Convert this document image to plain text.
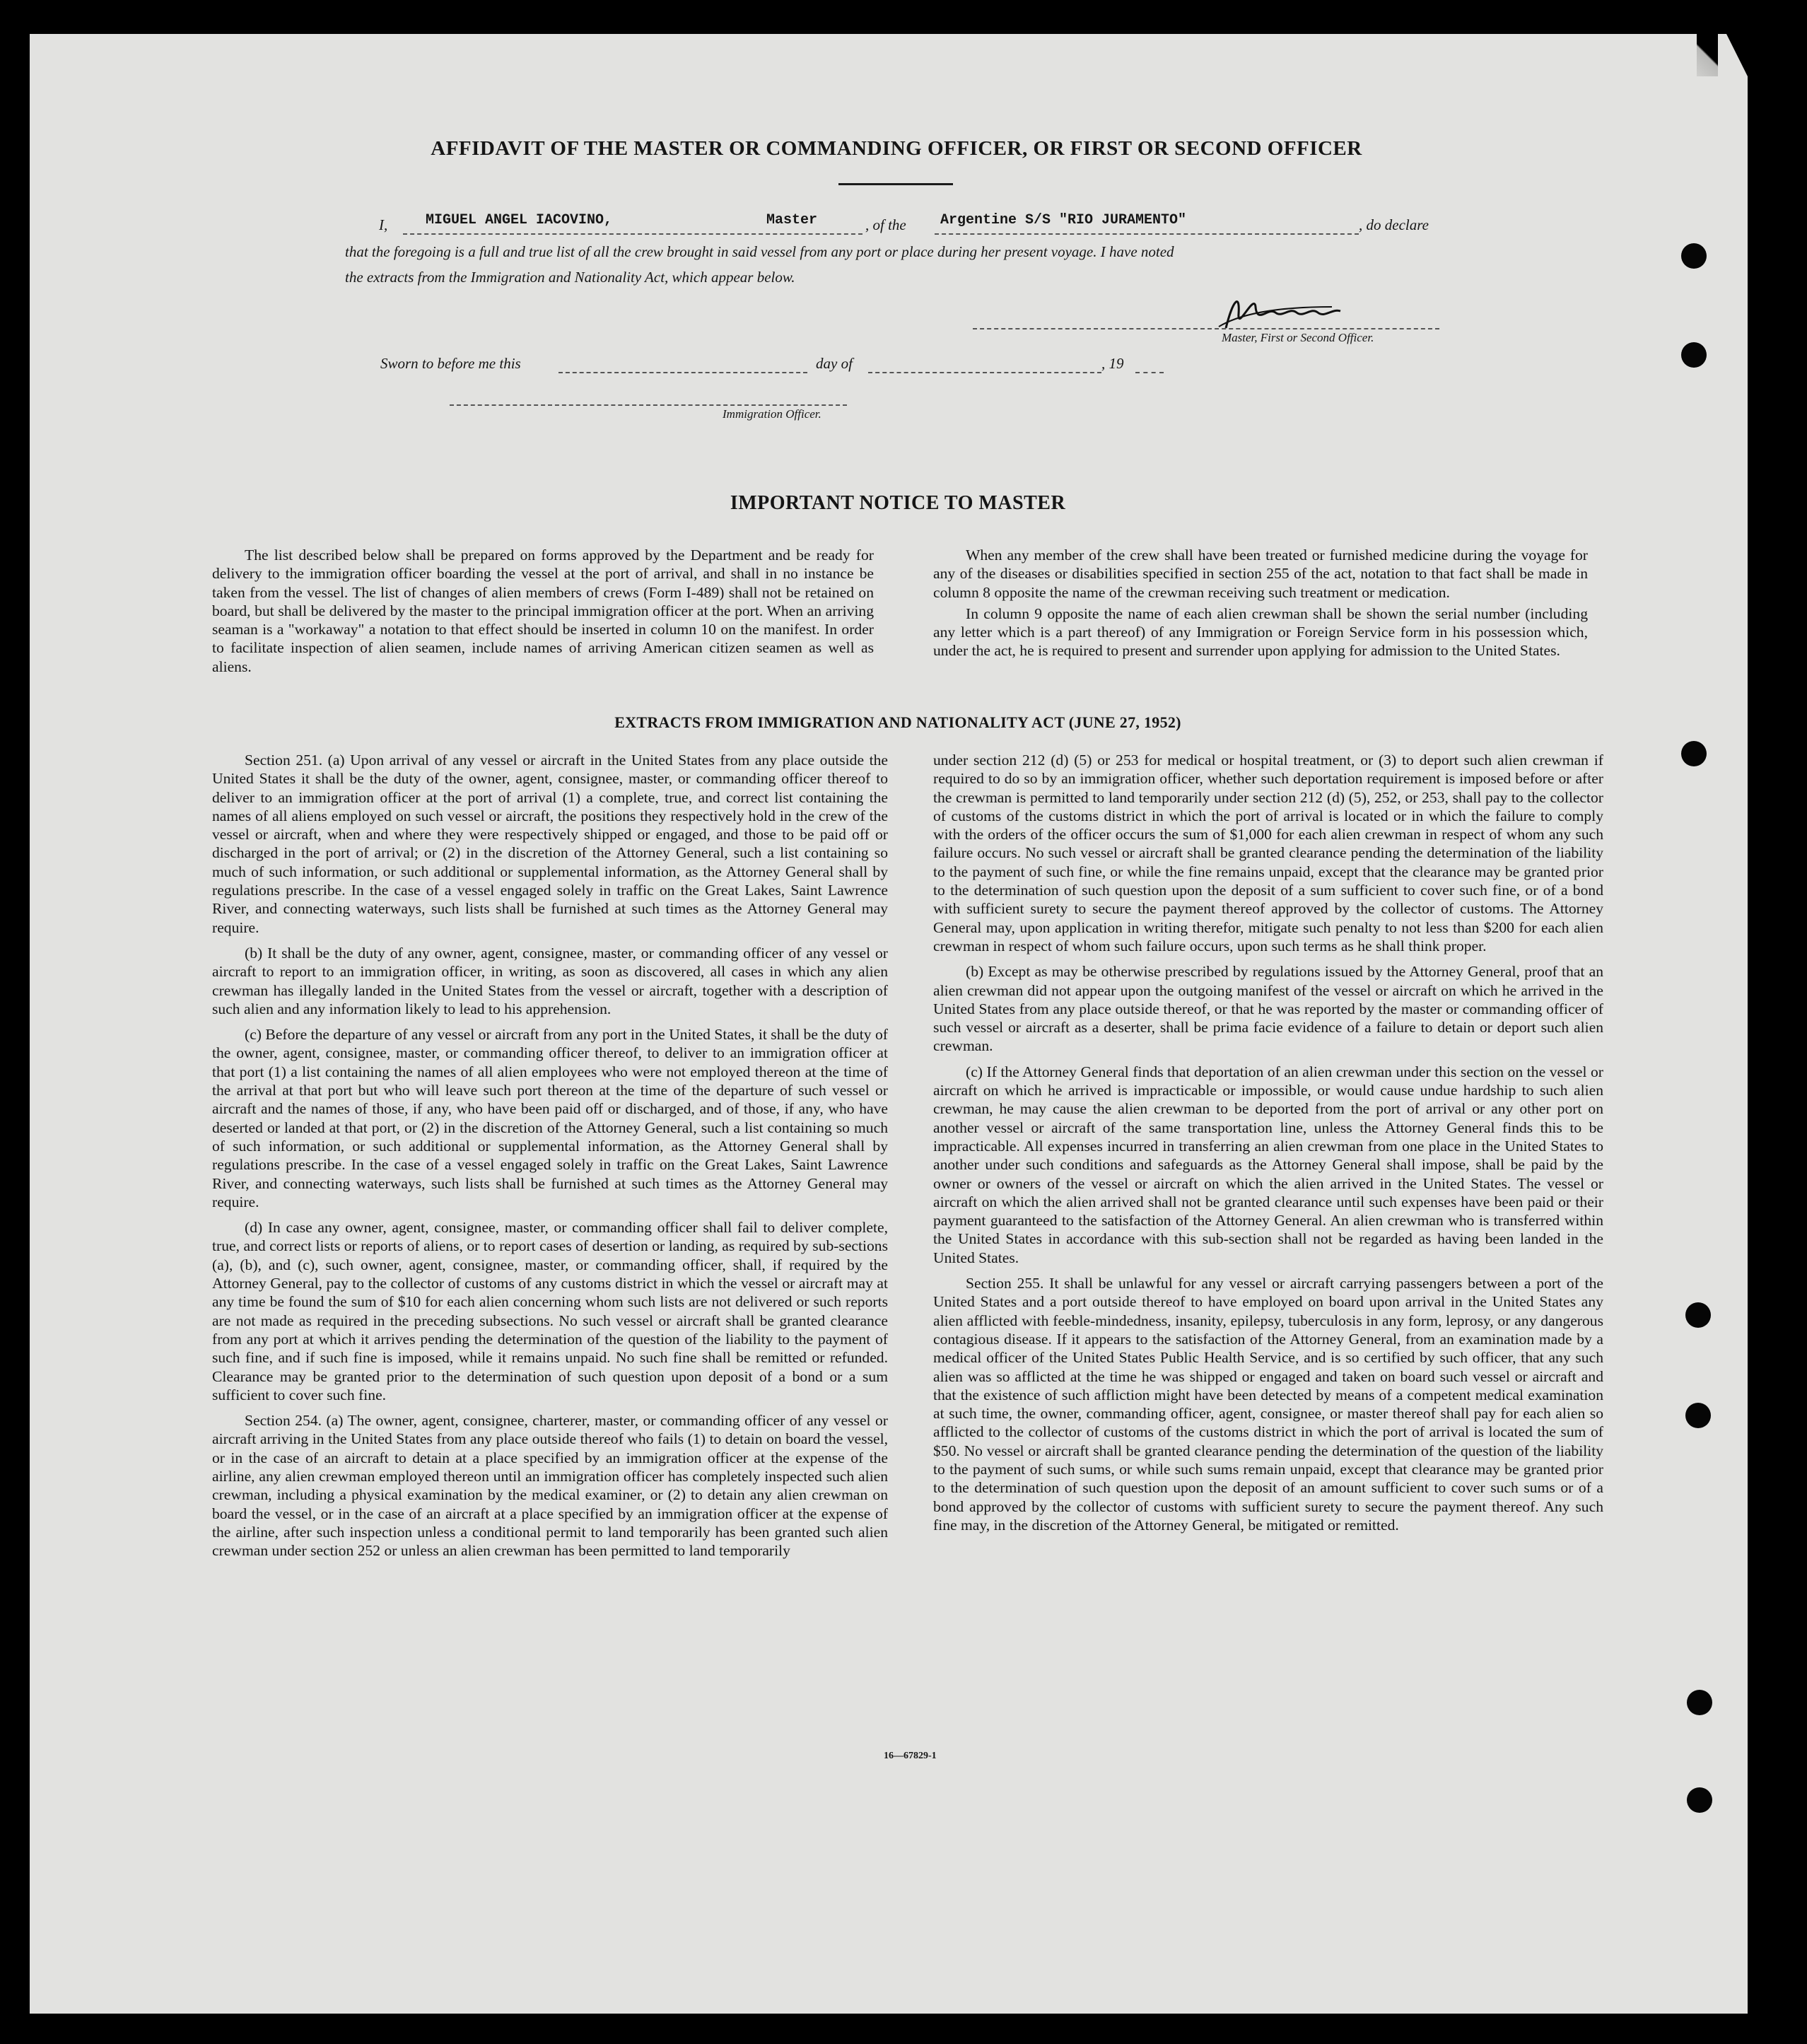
AFFIDAVIT OF THE MASTER OR COMMANDING OFFICER, OR FIRST OR SECOND OFFICER
I,	MIGUEL ANGEL IACOVINO,	Master	, of the Argentine S/S "RIO JURAMENTO"	, do declare
that the foregoing is a full and true list of all the crew brought in said vessel from any port or place during her present voyage. I have noted
the extracts from the Immigration and Nationality Act, which appear below.
Master, First or Second Officer.
Sworn to before me this	day of	, 19
Immigration Officer.
IMPORTANT NOTICE TO MASTER

The list described below shall be prepared on forms approved by the Department and be ready for delivery to the immigration officer boarding the vessel at the port of arrival, and shall in no instance be taken from the vessel. The list of changes of alien members of crews (Form I-489) shall not be retained on board, but shall be delivered by the master to the principal immigration officer at the port. When an arriving seaman is a "workaway" a notation to that effect should be inserted in column 10 on the manifest. In order to facilitate inspection of alien seamen, include names of arriving American citizen seamen as well as aliens.

When any member of the crew shall have been treated or furnished medicine during the voyage for any of the diseases or disabilities specified in section 255 of the act, notation to that fact shall be made in column 8 opposite the name of the crewman receiving such treatment or medication.

In column 9 opposite the name of each alien crewman shall be shown the serial number (including any letter which is a part thereof) of any Immigration or Foreign Service form in his possession which, under the act, he is required to present and surrender upon applying for admission to the United States.

EXTRACTS FROM IMMIGRATION AND NATIONALITY ACT (JUNE 27, 1952)

Section 251. (a) Upon arrival of any vessel or aircraft in the United States from any place outside the United States it shall be the duty of the owner, agent, consignee, master, or commanding officer thereof to deliver to an immigration officer at the port of arrival (1) a complete, true, and correct list containing the names of all aliens employed on such vessel or aircraft, the positions they respectively hold in the crew of the vessel or aircraft, when and where they were respectively shipped or engaged, and those to be paid off or discharged in the port of arrival; or (2) in the discretion of the Attorney General, such a list containing so much of such information, or such additional or supplemental information, as the Attorney General shall by regulations prescribe. In the case of a vessel engaged solely in traffic on the Great Lakes, Saint Lawrence River, and connecting waterways, such lists shall be furnished at such times as the Attorney General may require.

(b) It shall be the duty of any owner, agent, consignee, master, or commanding officer of any vessel or aircraft to report to an immigration officer, in writing, as soon as discovered, all cases in which any alien crewman has illegally landed in the United States from the vessel or aircraft, together with a description of such alien and any information likely to lead to his apprehension.

(c) Before the departure of any vessel or aircraft from any port in the United States, it shall be the duty of the owner, agent, consignee, master, or commanding officer thereof, to deliver to an immigration officer at that port (1) a list containing the names of all alien employees who were not employed thereon at the time of the arrival at that port but who will leave such port thereon at the time of the departure of such vessel or aircraft and the names of those, if any, who have been paid off or discharged, and of those, if any, who have deserted or landed at that port, or (2) in the discretion of the Attorney General, such a list containing so much of such information, or such additional or supplemental information, as the Attorney General shall by regulations prescribe. In the case of a vessel engaged solely in traffic on the Great Lakes, Saint Lawrence River, and connecting waterways, such lists shall be furnished at such times as the Attorney General may require.

(d) In case any owner, agent, consignee, master, or commanding officer shall fail to deliver complete, true, and correct lists or reports of aliens, or to report cases of desertion or landing, as required by sub-sections (a), (b), and (c), such owner, agent, consignee, master, or commanding officer, shall, if required by the Attorney General, pay to the collector of customs of any customs district in which the vessel or aircraft may at any time be found the sum of $10 for each alien concerning whom such lists are not delivered or such reports are not made as required in the preceding subsections. No such vessel or aircraft shall be granted clearance from any port at which it arrives pending the determination of the question of the liability to the payment of such fine, and if such fine is imposed, while it remains unpaid. No such fine shall be remitted or refunded. Clearance may be granted prior to the determination of such question upon deposit of a bond or a sum sufficient to cover such fine.

Section 254. (a) The owner, agent, consignee, charterer, master, or commanding officer of any vessel or aircraft arriving in the United States from any place outside thereof who fails (1) to detain on board the vessel, or in the case of an aircraft to detain at a place specified by an immigration officer at the expense of the airline, any alien crewman employed thereon until an immigration officer has completely inspected such alien crewman, including a physical examination by the medical examiner, or (2) to detain any alien crewman on board the vessel, or in the case of an aircraft at a place specified by an immigration officer at the expense of the airline, after such inspection unless a conditional permit to land temporarily has been granted such alien crewman under section 252 or unless an alien crewman has been permitted to land temporarily

under section 212 (d) (5) or 253 for medical or hospital treatment, or (3) to deport such alien crewman if required to do so by an immigration officer, whether such deportation requirement is imposed before or after the crewman is permitted to land temporarily under section 212 (d) (5), 252, or 253, shall pay to the collector of customs of the customs district in which the port of arrival is located or in which the failure to comply with the orders of the officer occurs the sum of $1,000 for each alien crewman in respect of whom any such failure occurs. No such vessel or aircraft shall be granted clearance pending the determination of the liability to the payment of such fine, or while the fine remains unpaid, except that the clearance may be granted prior to the determination of such question upon the deposit of a sum sufficient to cover such fine, or of a bond with sufficient surety to secure the payment thereof approved by the collector of customs. The Attorney General may, upon application in writing therefor, mitigate such penalty to not less than $200 for each alien crewman in respect of whom such failure occurs, upon such terms as he shall think proper.

(b) Except as may be otherwise prescribed by regulations issued by the Attorney General, proof that an alien crewman did not appear upon the outgoing manifest of the vessel or aircraft on which he arrived in the United States from any place outside thereof, or that he was reported by the master or commanding officer of such vessel or aircraft as a deserter, shall be prima facie evidence of a failure to detain or deport such alien crewman.

(c) If the Attorney General finds that deportation of an alien crewman under this section on the vessel or aircraft on which he arrived is impracticable or impossible, or would cause undue hardship to such alien crewman, he may cause the alien crewman to be deported from the port of arrival or any other port on another vessel or aircraft of the same transportation line, unless the Attorney General finds this to be impracticable. All expenses incurred in transferring an alien crewman from one place in the United States to another under such conditions and safeguards as the Attorney General shall impose, shall be paid by the owner or owners of the vessel or aircraft on which the alien arrived in the United States. The vessel or aircraft on which the alien arrived shall not be granted clearance until such expenses have been paid or their payment guaranteed to the satisfaction of the Attorney General. An alien crewman who is transferred within the United States in accordance with this sub-section shall not be regarded as having been landed in the United States.

Section 255. It shall be unlawful for any vessel or aircraft carrying passengers between a port of the United States and a port outside thereof to have employed on board upon arrival in the United States any alien afflicted with feeble-mindedness, insanity, epilepsy, tuberculosis in any form, leprosy, or any dangerous contagious disease. If it appears to the satisfaction of the Attorney General, from an examination made by a medical officer of the United States Public Health Service, and is so certified by such officer, that any such alien was so afflicted at the time he was shipped or engaged and taken on board such vessel or aircraft and that the existence of such affliction might have been detected by means of a competent medical examination at such time, the owner, commanding officer, agent, consignee, or master thereof shall pay for each alien so afflicted to the collector of customs of the customs district in which the port of arrival is located the sum of $50. No vessel or aircraft shall be granted clearance pending the determination of the question of the liability to the payment of such sums, or while such sums remain unpaid, except that clearance may be granted prior to the determination of such question upon the deposit of an amount sufficient to cover such sums or of a bond approved by the collector of customs with sufficient surety to secure the payment thereof. Any such fine may, in the discretion of the Attorney General, be mitigated or remitted.

16—67829-1
